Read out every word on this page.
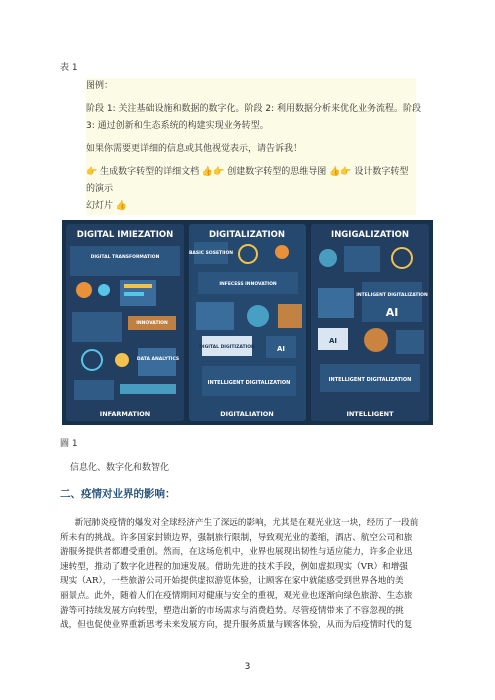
表 1
图例：
阶段 1: 关注基础设施和数据的数字化。阶段 2: 利用数据分析来优化业务流程。阶段
3: 通过创新和生态系统的构建实现业务转型。
如果你需要更详细的信息或其他视觉表示，请告诉我！
👉 生成数字转型的详细文档 👍👉 创建数字转型的思维导图 👍👉 设计数字转型的演示
幻灯片 👍
DIGITAL IMIEZATION
DIGITAL TRANSFORMATION
INNOVATION
DATA ANALYTICS
INFARMATION
DIGITALIZATION
BASIC SOSETIION
INFECESS INNOVATION
DIGITAL DIGITIZATION	AI
INTELLIGENT DIGITALIZATION
DIGITALIATION
INGIGALIZATION
INTELIGENT DIGITALIZATION
AI
AI
INTELLIGENT DIGITALIZATION
INTELLIGENT
圖 1
信息化、数字化和数智化
二、疫情对业界的影响：
新冠肺炎疫情的爆发对全球经济产生了深远的影响，尤其是在观光业这一块，经历了一段前
所未有的挑战。许多国家封锁边界，强制旅行限制，导致观光业的萎缩，酒店、航空公司和旅
游服务提供者都遭受重创。然而，在这场危机中，业界也展现出韧性与适应能力，许多企业迅
速转型，推动了数字化进程的加速发展。借助先进的技术手段，例如虚拟现实（VR）和增强
现实（AR），一些旅游公司开始提供虚拟游览体验，让顾客在家中就能感受到世界各地的美
丽景点。此外，随着人们在疫情期间对健康与安全的重视，观光业也逐渐向绿色旅游、生态旅
游等可持续发展方向转型，塑造出新的市场需求与消费趋势。尽管疫情带来了不容忽视的挑
战，但也促使业界重新思考未来发展方向，提升服务质量与顾客体验，从而为后疫情时代的复
3
